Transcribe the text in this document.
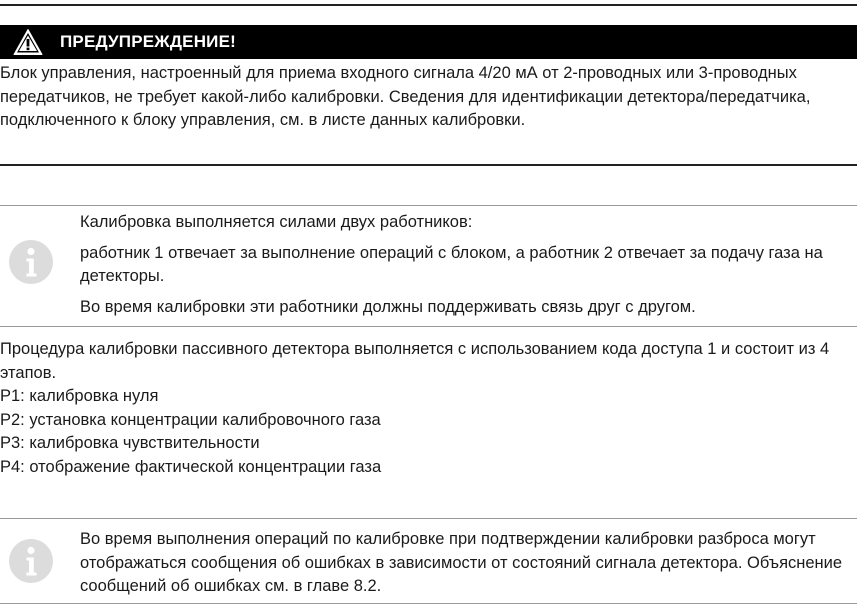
ПРЕДУПРЕЖДЕНИЕ!

Блок управления, настроенный для приема входного сигнала 4/20 мА от 2-проводных или 3-проводных передатчиков, не требует какой-либо калибровки. Сведения для идентификации детектора/передатчика, подключенного к блоку управления, см. в листе данных калибровки.

Калибровка выполняется силами двух работников:

работник 1 отвечает за выполнение операций с блоком, а работник 2 отвечает за подачу газа на детекторы.

Во время калибровки эти работники должны поддерживать связь друг с другом.

Процедура калибровки пассивного детектора выполняется с использованием кода доступа 1 и состоит из 4 этапов.

P1: калибровка нуля
P2: установка концентрации калибровочного газа
P3: калибровка чувствительности
P4: отображение фактической концентрации газа

Во время выполнения операций по калибровке при подтверждении калибровки разброса могут отображаться сообщения об ошибках в зависимости от состояний сигнала детектора. Объяснение сообщений об ошибках см. в главе 8.2.
